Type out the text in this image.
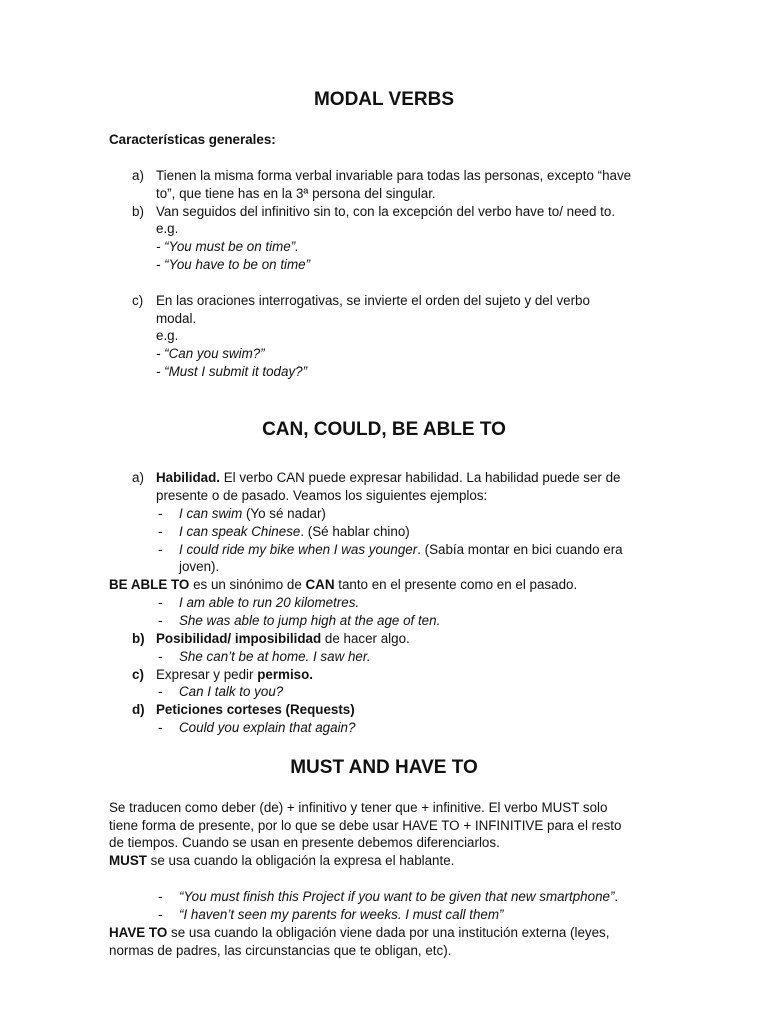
MODAL VERBS
Características generales:
a) Tienen la misma forma verbal invariable para todas las personas, excepto “have
to”, que tiene has en la 3ª persona del singular.
b) Van seguidos del infinitivo sin to, con la excepción del verbo have to/ need to.
e.g.
- “You must be on time”.
- “You have to be on time”
c) En las oraciones interrogativas, se invierte el orden del sujeto y del verbo
modal.
e.g.
- “Can you swim?”
- “Must I submit it today?”
CAN, COULD, BE ABLE TO
a) Habilidad. El verbo CAN puede expresar habilidad. La habilidad puede ser de
presente o de pasado. Veamos los siguientes ejemplos:
- I can swim (Yo sé nadar)
- I can speak Chinese. (Sé hablar chino)
- I could ride my bike when I was younger. (Sabía montar en bici cuando era
joven).
BE ABLE TO es un sinónimo de CAN tanto en el presente como en el pasado.
- I am able to run 20 kilometres.
- She was able to jump high at the age of ten.
b) Posibilidad/ imposibilidad de hacer algo.
- She can’t be at home. I saw her.
c) Expresar y pedir permiso.
- Can I talk to you?
d) Peticiones corteses (Requests)
- Could you explain that again?
MUST AND HAVE TO
Se traducen como deber (de) + infinitivo y tener que + infinitive. El verbo MUST solo
tiene forma de presente, por lo que se debe usar HAVE TO + INFINITIVE para el resto
de tiempos. Cuando se usan en presente debemos diferenciarlos.
MUST se usa cuando la obligación la expresa el hablante.
- “You must finish this Project if you want to be given that new smartphone”.
- “I haven’t seen my parents for weeks. I must call them”
HAVE TO se usa cuando la obligación viene dada por una institución externa (leyes,
normas de padres, las circunstancias que te obligan, etc).
